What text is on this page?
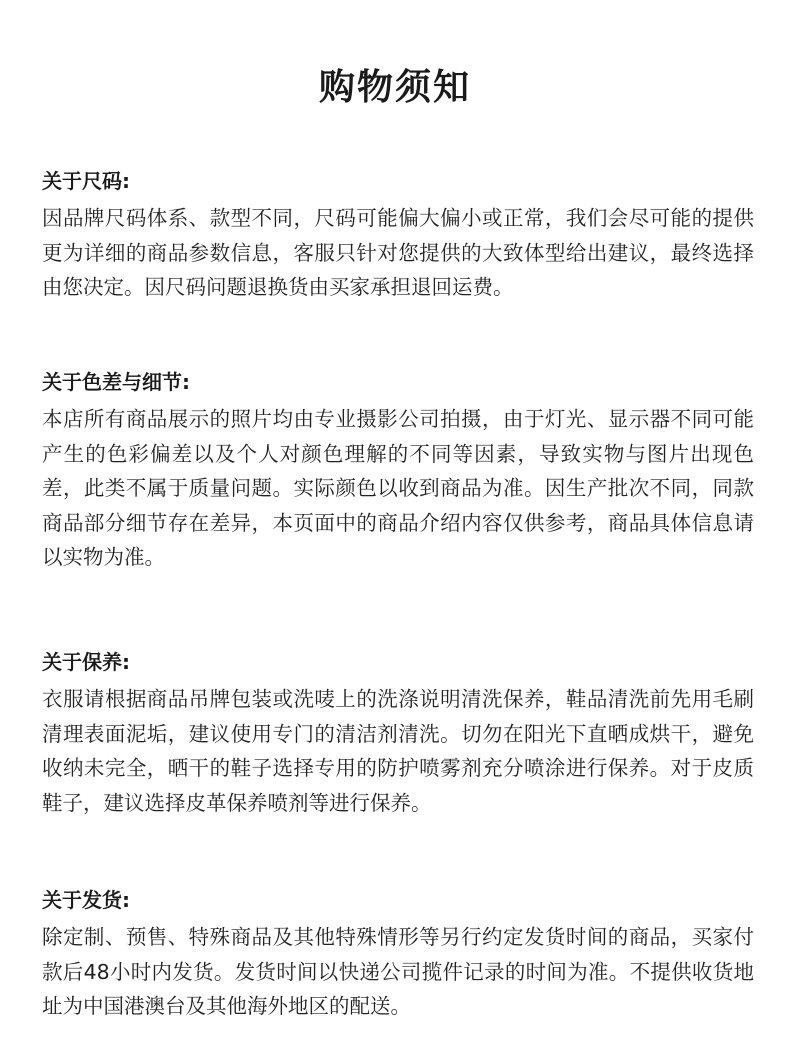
购物须知

关于尺码:

因品牌尺码体系、款型不同，尺码可能偏大偏小或正常，我们会尽可能的提供更为详细的商品参数信息，客服只针对您提供的大致体型给出建议，最终选择由您决定。因尺码问题退换货由买家承担退回运费。

关于色差与细节:

本店所有商品展示的照片均由专业摄影公司拍摄，由于灯光、显示器不同可能产生的色彩偏差以及个人对颜色理解的不同等因素，导致实物与图片出现色差，此类不属于质量问题。实际颜色以收到商品为准。因生产批次不同，同款商品部分细节存在差异，本页面中的商品介绍内容仅供参考，商品具体信息请以实物为准。

关于保养:

衣服请根据商品吊牌包装或洗唛上的洗涤说明清洗保养，鞋品清洗前先用毛刷清理表面泥垢，建议使用专门的清洁剂清洗。切勿在阳光下直晒成烘干，避免收纳未完全，晒干的鞋子选择专用的防护喷雾剂充分喷涂进行保养。对于皮质鞋子，建议选择皮革保养喷剂等进行保养。

关于发货:

除定制、预售、特殊商品及其他特殊情形等另行约定发货时间的商品，买家付款后48小时内发货。发货时间以快递公司揽件记录的时间为准。不提供收货地址为中国港澳台及其他海外地区的配送。
